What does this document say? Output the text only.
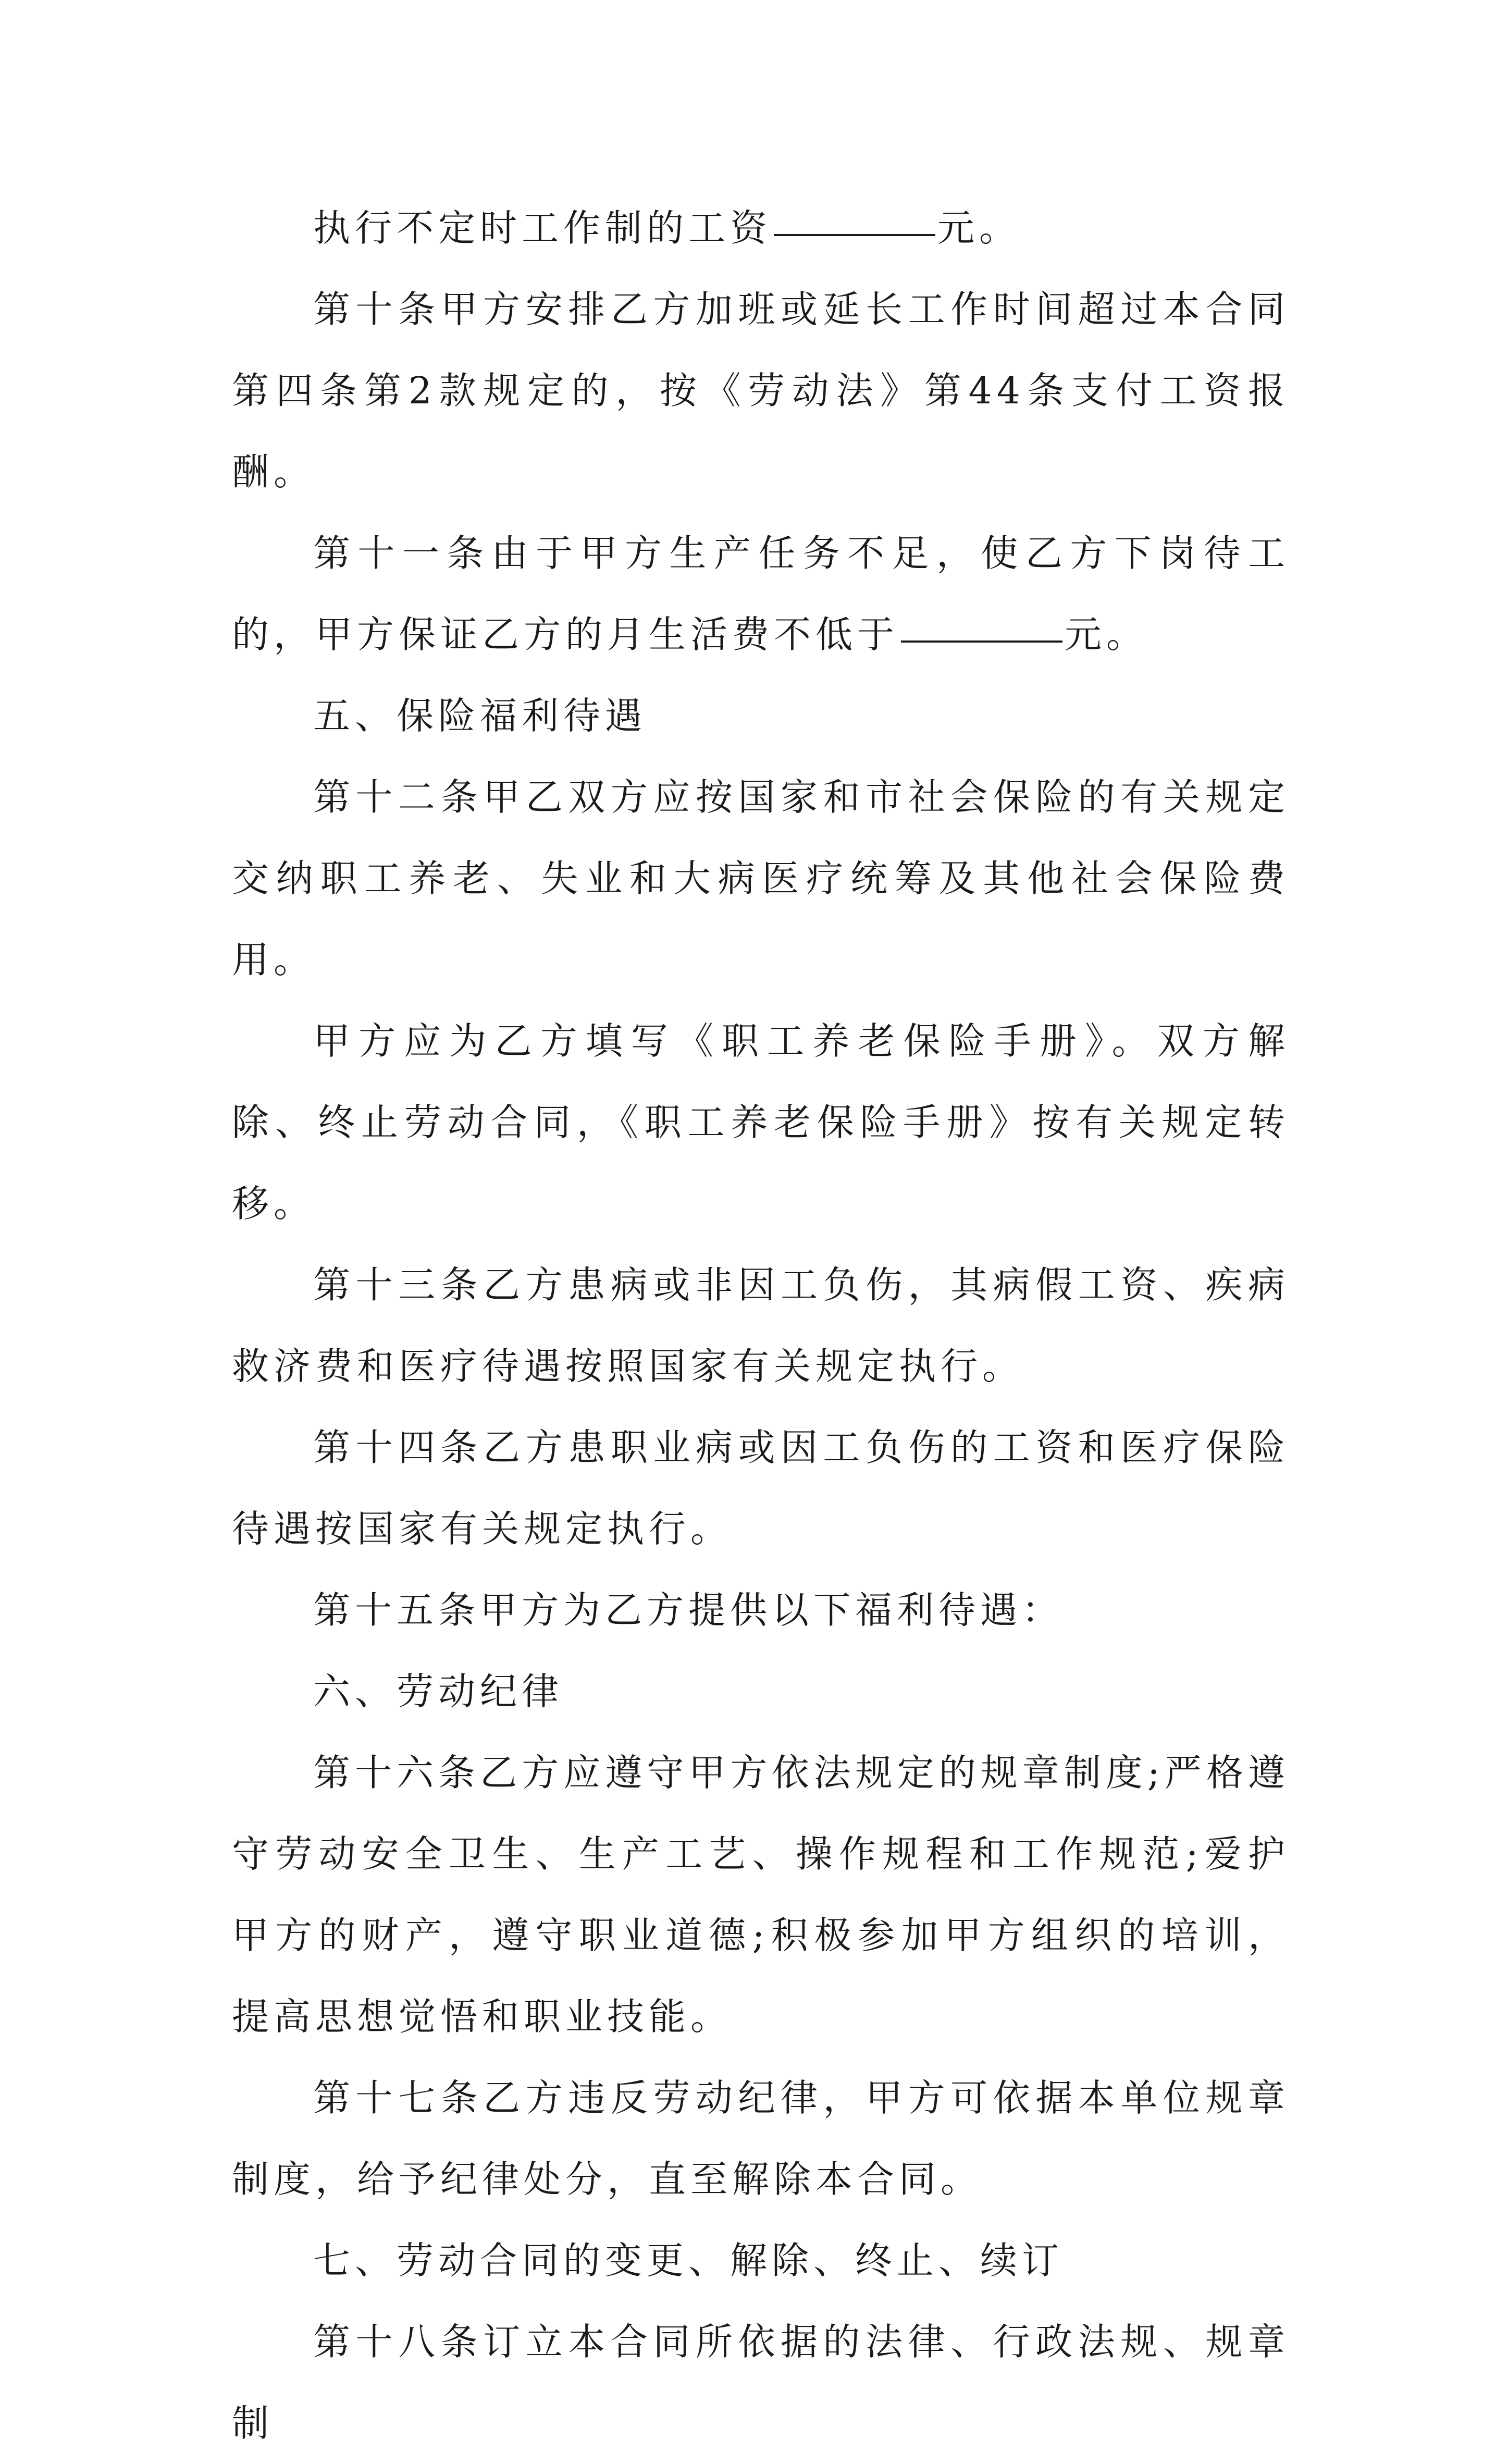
执行不定时工作制的工资	元。

第十条甲方安排乙方加班或延长工作时间超过本合同第四条第2款规定的，按《劳动法》第44条支付工资报酬。

第十一条由于甲方生产任务不足，使乙方下岗待工的，甲方保证乙方的月生活费不低于	元。

五、保险福利待遇

第十二条甲乙双方应按国家和市社会保险的有关规定交纳职工养老、失业和大病医疗统筹及其他社会保险费用。

甲方应为乙方填写《职工养老保险手册》。双方解除、终止劳动合同，《职工养老保险手册》按有关规定转移。

第十三条乙方患病或非因工负伤，其病假工资、疾病救济费和医疗待遇按照国家有关规定执行。

第十四条乙方患职业病或因工负伤的工资和医疗保险待遇按国家有关规定执行。

第十五条甲方为乙方提供以下福利待遇：

六、劳动纪律

第十六条乙方应遵守甲方依法规定的规章制度;严格遵守劳动安全卫生、生产工艺、操作规程和工作规范;爱护甲方的财产，遵守职业道德;积极参加甲方组织的培训，提高思想觉悟和职业技能。

第十七条乙方违反劳动纪律，甲方可依据本单位规章制度，给予纪律处分，直至解除本合同。

七、劳动合同的变更、解除、终止、续订

第十八条订立本合同所依据的法律、行政法规、规章制
